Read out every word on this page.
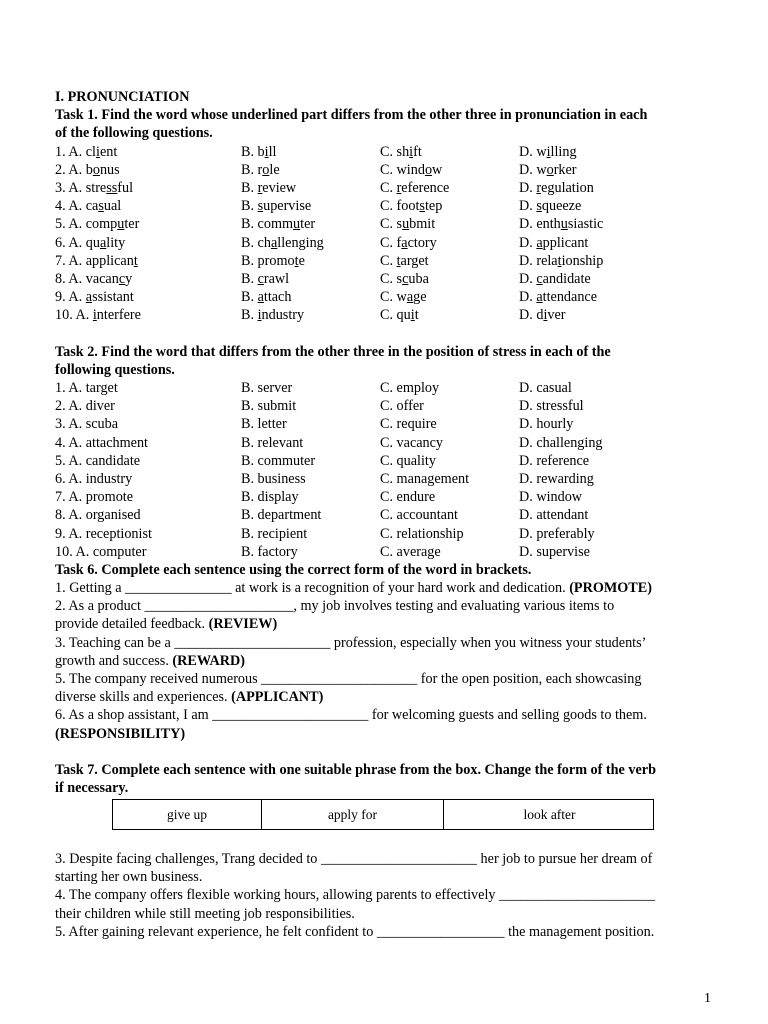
I. PRONUNCIATION
Task 1. Find the word whose underlined part differs from the other three in pronunciation in each
of the following questions.
1. A. client	B. bill	C. shift	D. willing
2. A. bonus	B. role	C. window	D. worker
3. A. stressful	B. review	C. reference	D. regulation
4. A. casual	B. supervise	C. footstep	D. squeeze
5. A. computer	B. commuter	C. submit	D. enthusiastic
6. A. quality	B. challenging	C. factory	D. applicant
7. A. applicant	B. promote	C. target	D. relationship
8. A. vacancy	B. crawl	C. scuba	D. candidate
9. A. assistant	B. attach	C. wage	D. attendance
10. A. interfere	B. industry	C. quit	D. diver
Task 2. Find the word that differs from the other three in the position of stress in each of the
following questions.
1. A. target	B. server	C. employ	D. casual
2. A. diver	B. submit	C. offer	D. stressful
3. A. scuba	B. letter	C. require	D. hourly
4. A. attachment	B. relevant	C. vacancy	D. challenging
5. A. candidate	B. commuter	C. quality	D. reference
6. A. industry	B. business	C. management	D. rewarding
7. A. promote	B. display	C. endure	D. window
8. A. organised	B. department	C. accountant	D. attendant
9. A. receptionist	B. recipient	C. relationship	D. preferably
10. A. computer	B. factory	C. average	D. supervise
Task 6. Complete each sentence using the correct form of the word in brackets.
1. Getting a _______________ at work is a recognition of your hard work and dedication. (PROMOTE)
2. As a product _____________________, my job involves testing and evaluating various items to
provide detailed feedback. (REVIEW)
3. Teaching can be a ______________________ profession, especially when you witness your students’
growth and success. (REWARD)
5. The company received numerous ______________________ for the open position, each showcasing
diverse skills and experiences. (APPLICANT)
6. As a shop assistant, I am ______________________ for welcoming guests and selling goods to them.
(RESPONSIBILITY)
Task 7. Complete each sentence with one suitable phrase from the box. Change the form of the verb
if necessary.
give up	apply for	look after
3. Despite facing challenges, Trang decided to ______________________ her job to pursue her dream of
starting her own business.
4. The company offers flexible working hours, allowing parents to effectively ______________________
their children while still meeting job responsibilities.
5. After gaining relevant experience, he felt confident to __________________ the management position.
1
